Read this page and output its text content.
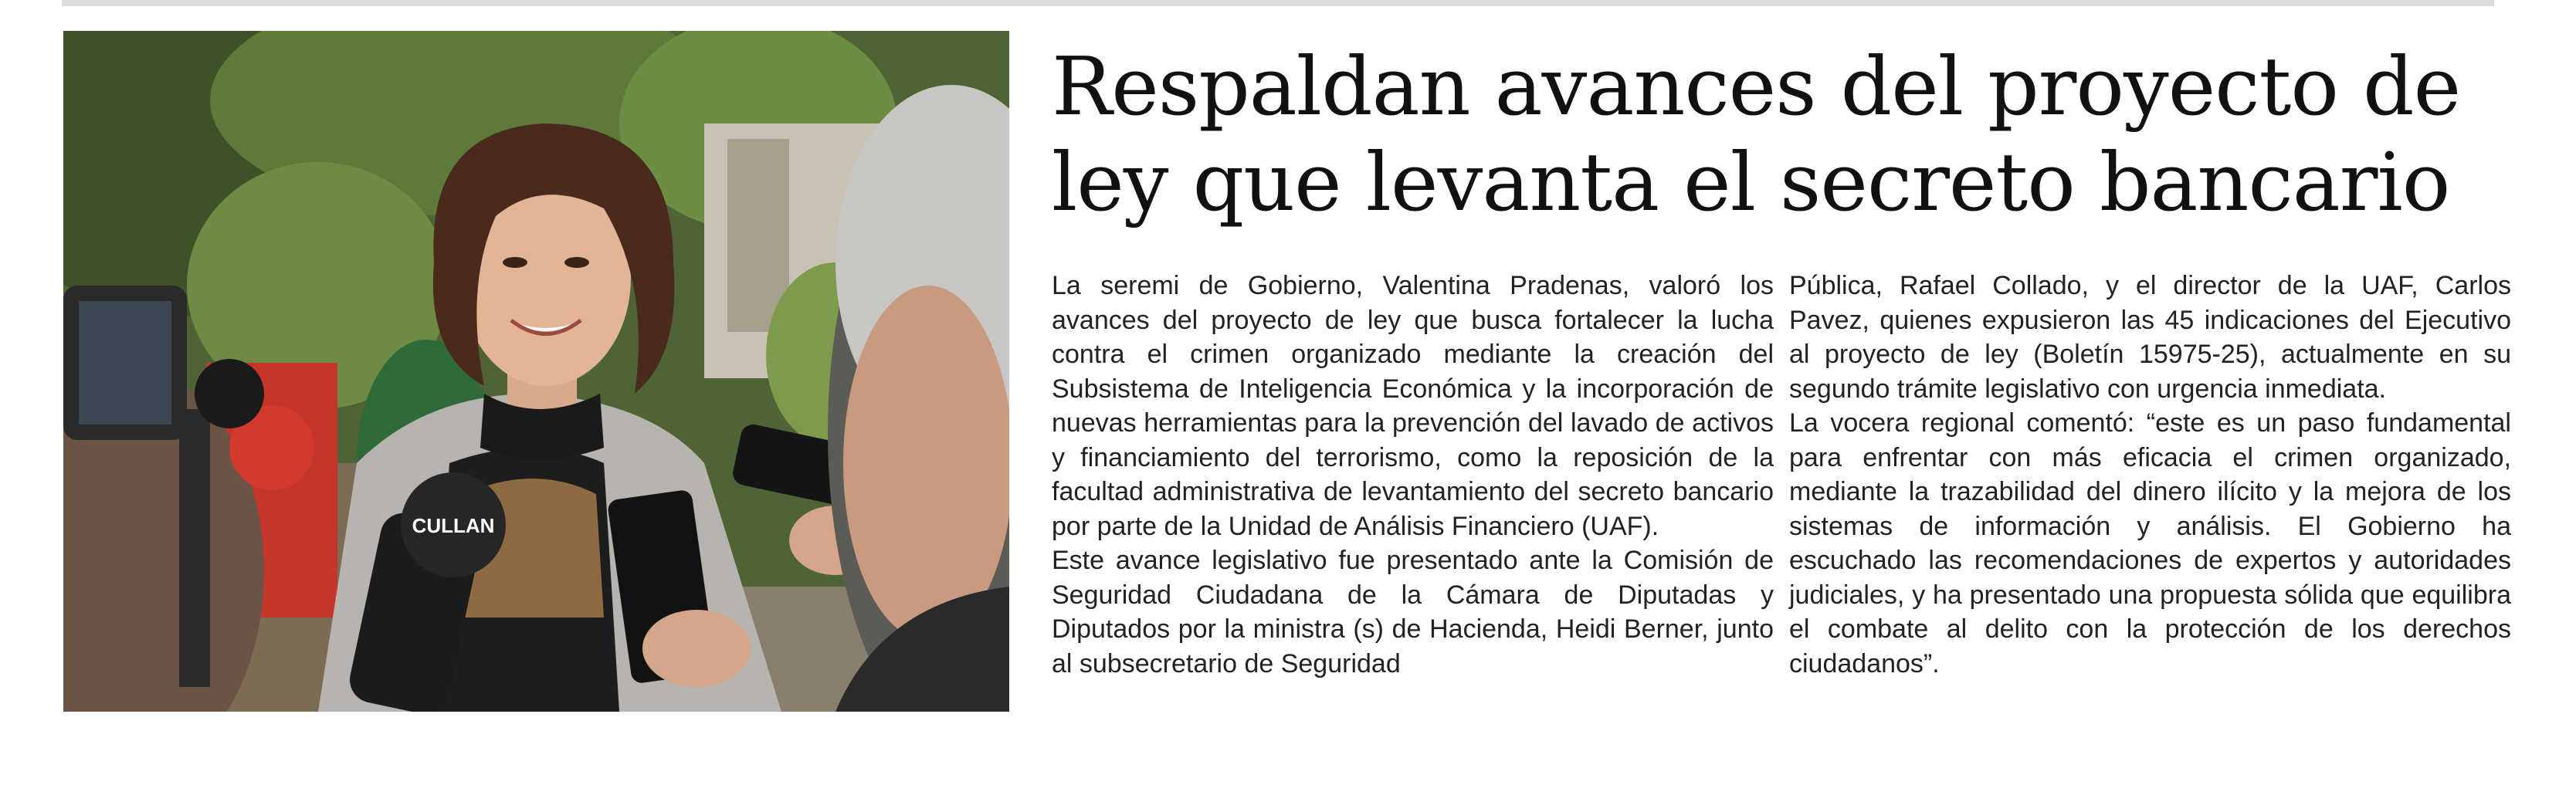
CULLAN
Respaldan avances del proyecto de ley que levanta el secreto bancario

La seremi de Gobierno, Valentina Pradenas, valoró los avances del proyecto de ley que busca fortalecer la lucha contra el crimen organizado mediante la creación del Subsistema de Inteligencia Económica y la incorporación de nuevas herramientas para la prevención del lavado de activos y financiamiento del terrorismo, como la reposición de la facultad administrativa de levantamiento del secreto bancario por parte de la Unidad de Análisis Financiero (UAF).

Este avance legislativo fue presentado ante la Comisión de Seguridad Ciudadana de la Cámara de Diputadas y Diputados por la ministra (s) de Hacienda, Heidi Berner, junto al subsecretario de Seguridad

Pública, Rafael Collado, y el director de la UAF, Carlos Pavez, quienes expusieron las 45 indicaciones del Ejecutivo al proyecto de ley (Boletín 15975-25), actualmente en su segundo trámite legislativo con urgencia inmediata.

La vocera regional comentó: “este es un paso fundamental para enfrentar con más eficacia el crimen organizado, mediante la trazabilidad del dinero ilícito y la mejora de los sistemas de información y análisis. El Gobierno ha escuchado las recomendaciones de expertos y autoridades judiciales, y ha presentado una propuesta sólida que equilibra el combate al delito con la protección de los derechos ciudadanos”.
